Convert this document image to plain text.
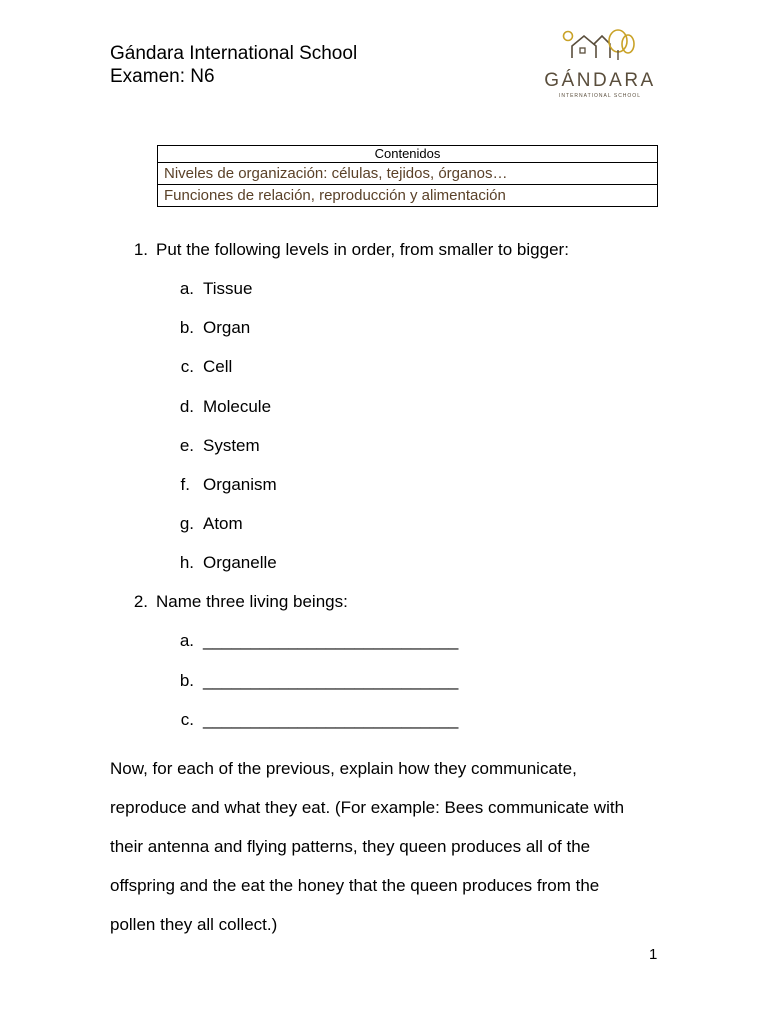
Gándara International School
Examen: N6	GÁNDARA
INTERNATIONAL SCHOOL
Contenidos
Niveles de organización: células, tejidos, órganos…
Funciones de relación, reproducción y alimentación
1. Put the following levels in order, from smaller to bigger:
a. Tissue
b. Organ
c. Cell
d. Molecule
e. System
f. Organism
g. Atom
h. Organelle
2. Name three living beings:
a. ___________________________
b. ___________________________
c. ___________________________
Now, for each of the previous, explain how they communicate,
reproduce and what they eat. (For example: Bees communicate with
their antenna and flying patterns, they queen produces all of the
offspring and the eat the honey that the queen produces from the
pollen they all collect.)
1
